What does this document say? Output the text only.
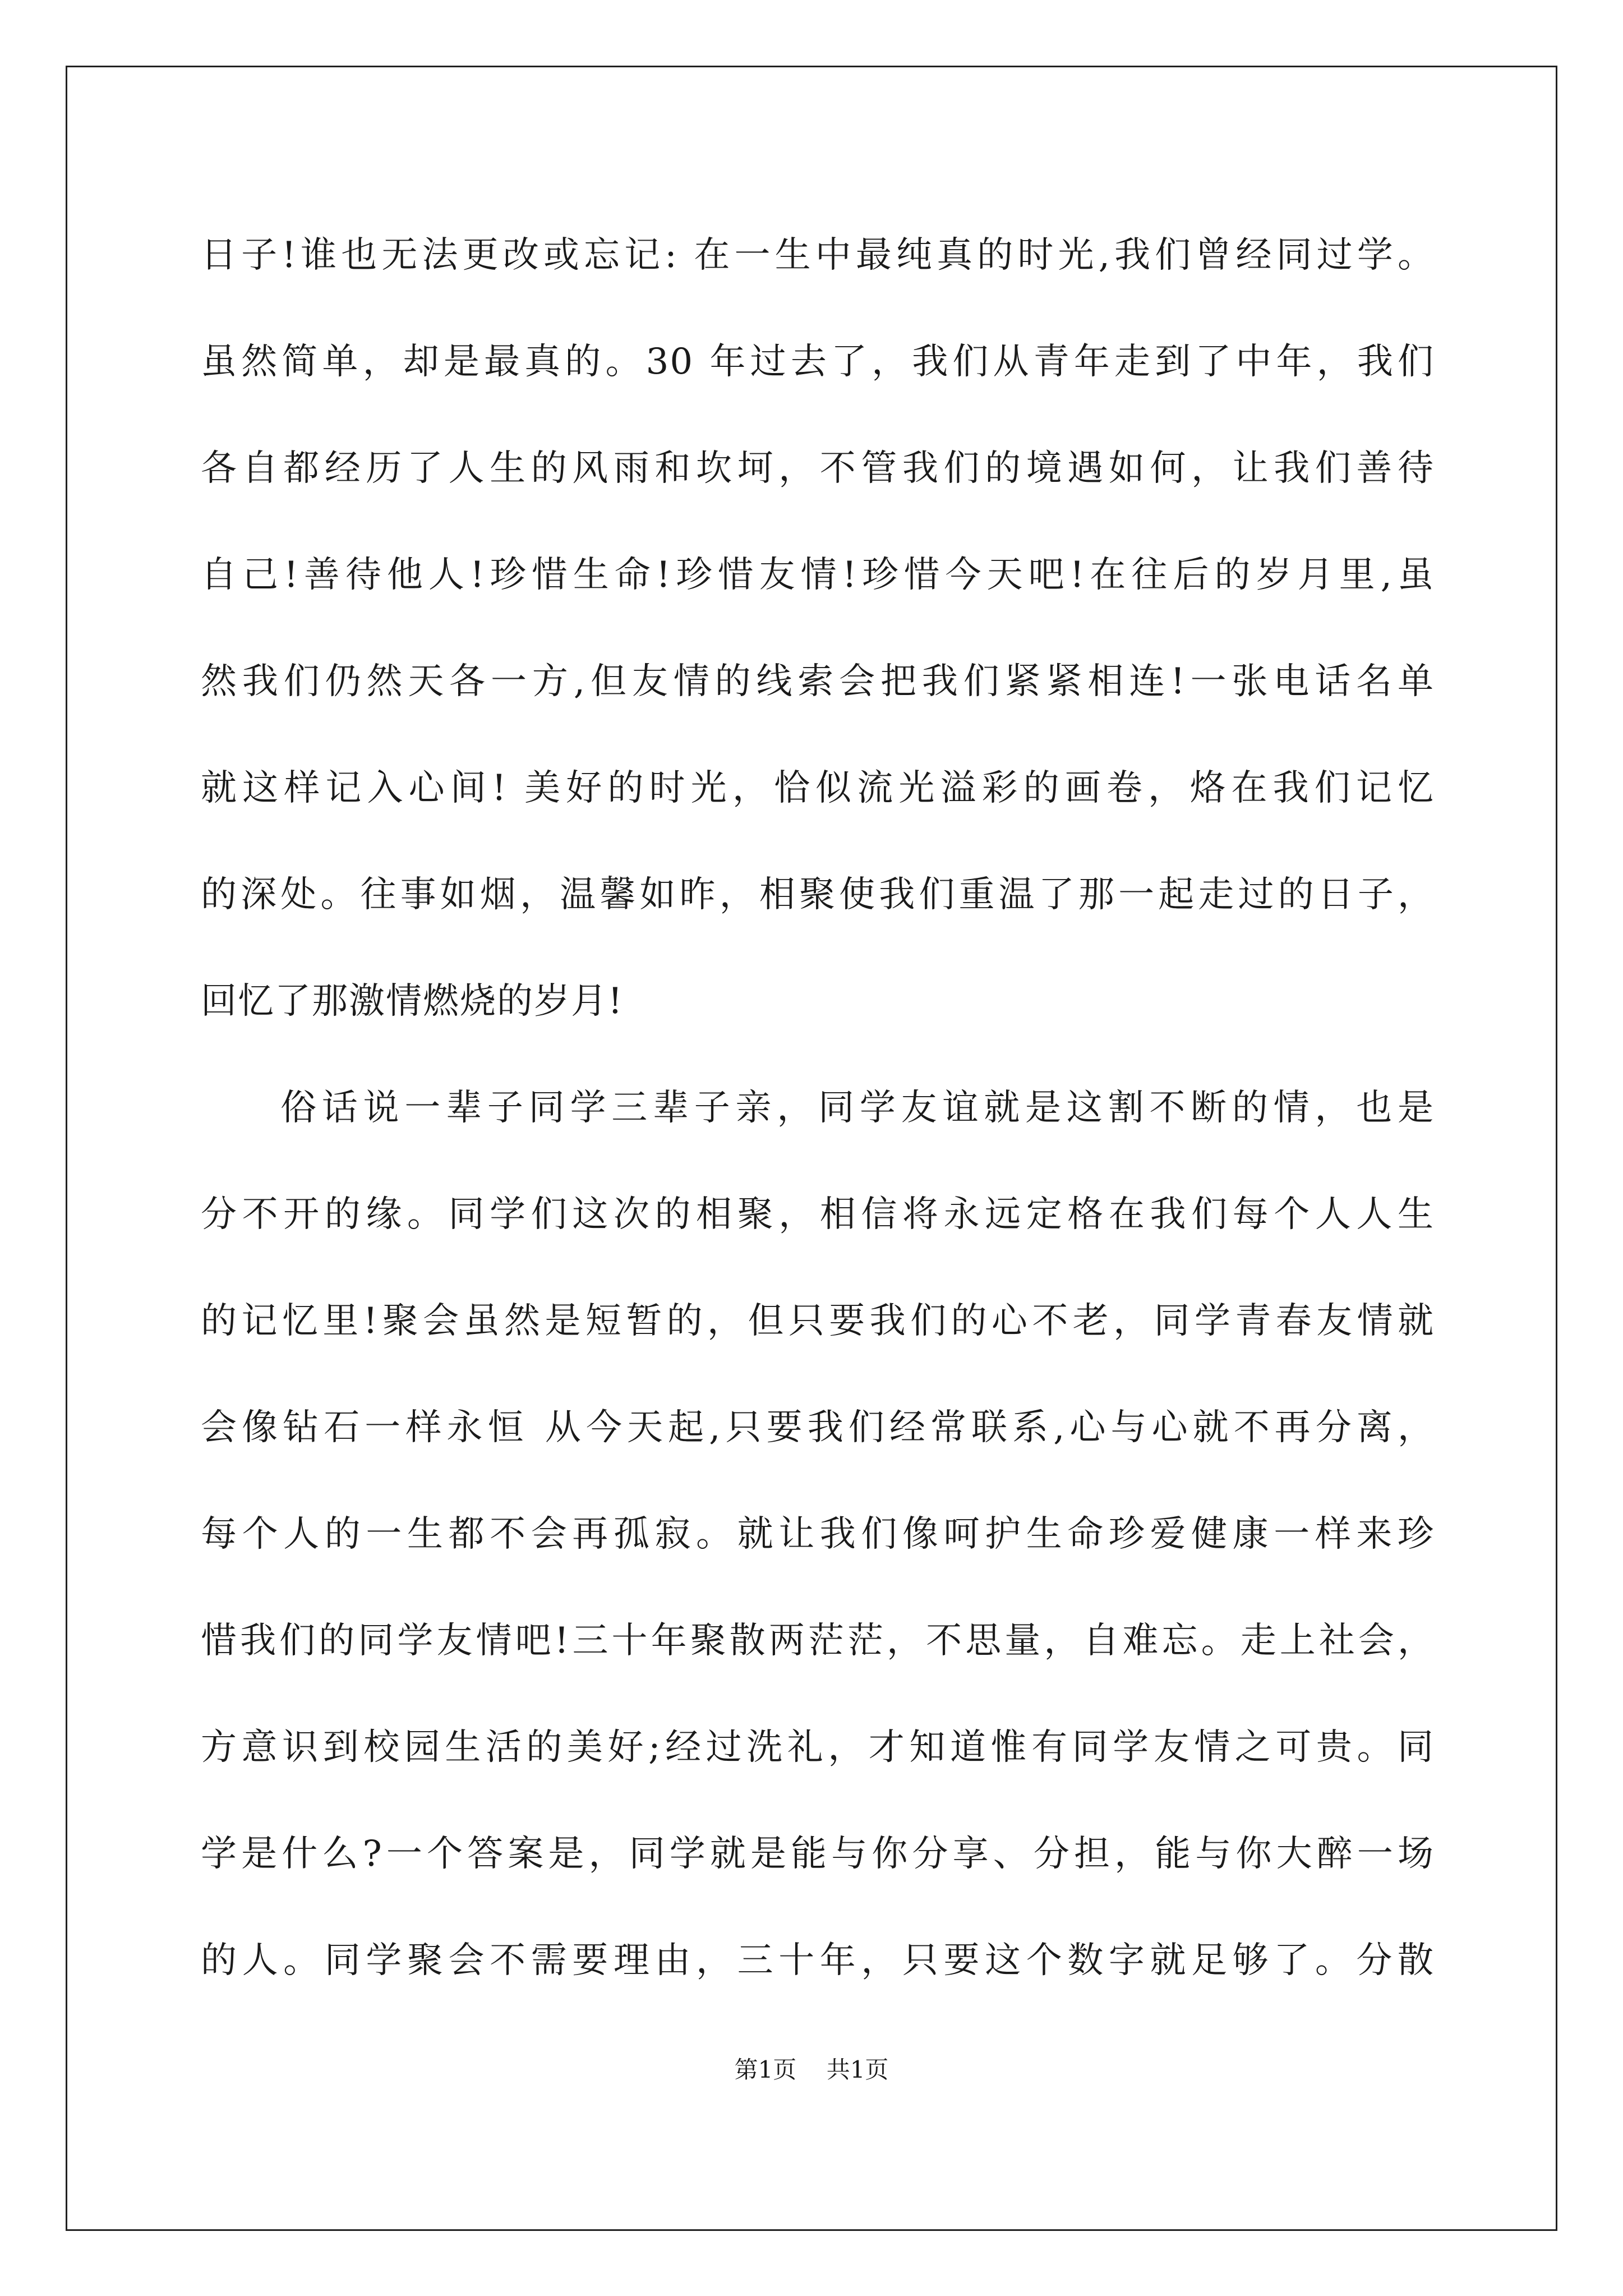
日子!谁也无法更改或忘记: 在一生中最纯真的时光,我们曾经同过学。
虽然简单，却是最真的。30 年过去了，我们从青年走到了中年，我们
各自都经历了人生的风雨和坎坷，不管我们的境遇如何，让我们善待
自己!善待他人!珍惜生命!珍惜友情!珍惜今天吧!在往后的岁月里,虽
然我们仍然天各一方,但友情的线索会把我们紧紧相连!一张电话名单
就这样记入心间! 美好的时光，恰似流光溢彩的画卷，烙在我们记忆
的深处。往事如烟，温馨如昨，相聚使我们重温了那一起走过的日子，
回忆了那激情燃烧的岁月!
俗话说一辈子同学三辈子亲，同学友谊就是这割不断的情，也是
分不开的缘。同学们这次的相聚，相信将永远定格在我们每个人人生
的记忆里!聚会虽然是短暂的，但只要我们的心不老，同学青春友情就
会像钻石一样永恒 从今天起,只要我们经常联系,心与心就不再分离，
每个人的一生都不会再孤寂。就让我们像呵护生命珍爱健康一样来珍
惜我们的同学友情吧!三十年聚散两茫茫，不思量，自难忘。走上社会，
方意识到校园生活的美好;经过洗礼，才知道惟有同学友情之可贵。同
学是什么?一个答案是，同学就是能与你分享、分担，能与你大醉一场
的人。同学聚会不需要理由，三十年，只要这个数字就足够了。分散
第1页 共1页
